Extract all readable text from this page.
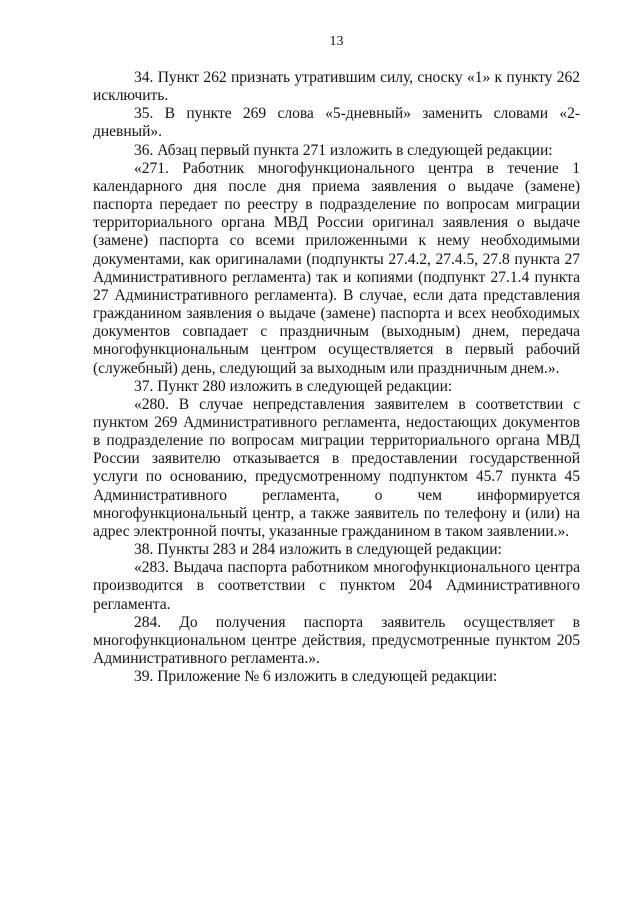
13

34. Пункт 262 признать утратившим силу, сноску «1» к пункту 262 исключить.

35. В пункте 269 слова «5-дневный» заменить словами «2-дневный».

36. Абзац первый пункта 271 изложить в следующей редакции:

«271. Работник многофункционального центра в течение 1 календарного дня после дня приема заявления о выдаче (замене) паспорта передает по реестру в подразделение по вопросам миграции территориального органа МВД России оригинал заявления о выдаче (замене) паспорта со всеми приложенными к нему необходимыми документами, как оригиналами (подпункты 27.4.2, 27.4.5, 27.8 пункта 27 Административного регламента) так и копиями (подпункт 27.1.4 пункта 27 Административного регламента). В случае, если дата представления гражданином заявления о выдаче (замене) паспорта и всех необходимых документов совпадает с праздничным (выходным) днем, передача многофункциональным центром осуществляется в первый рабочий (служебный) день, следующий за выходным или праздничным днем.».

37. Пункт 280 изложить в следующей редакции:

«280. В случае непредставления заявителем в соответствии с пунктом 269 Административного регламента, недостающих документов в подразделение по вопросам миграции территориального органа МВД России заявителю отказывается в предоставлении государственной услуги по основанию, предусмотренному подпунктом 45.7 пункта 45 Административного регламента, о чем информируется многофункциональный центр, а также заявитель по телефону и (или) на адрес электронной почты, указанные гражданином в таком заявлении.».

38. Пункты 283 и 284 изложить в следующей редакции:

«283. Выдача паспорта работником многофункционального центра производится в соответствии с пунктом 204 Административного регламента.

284. До получения паспорта заявитель осуществляет в многофункциональном центре действия, предусмотренные пунктом 205 Административного регламента.».

39. Приложение № 6 изложить в следующей редакции:
